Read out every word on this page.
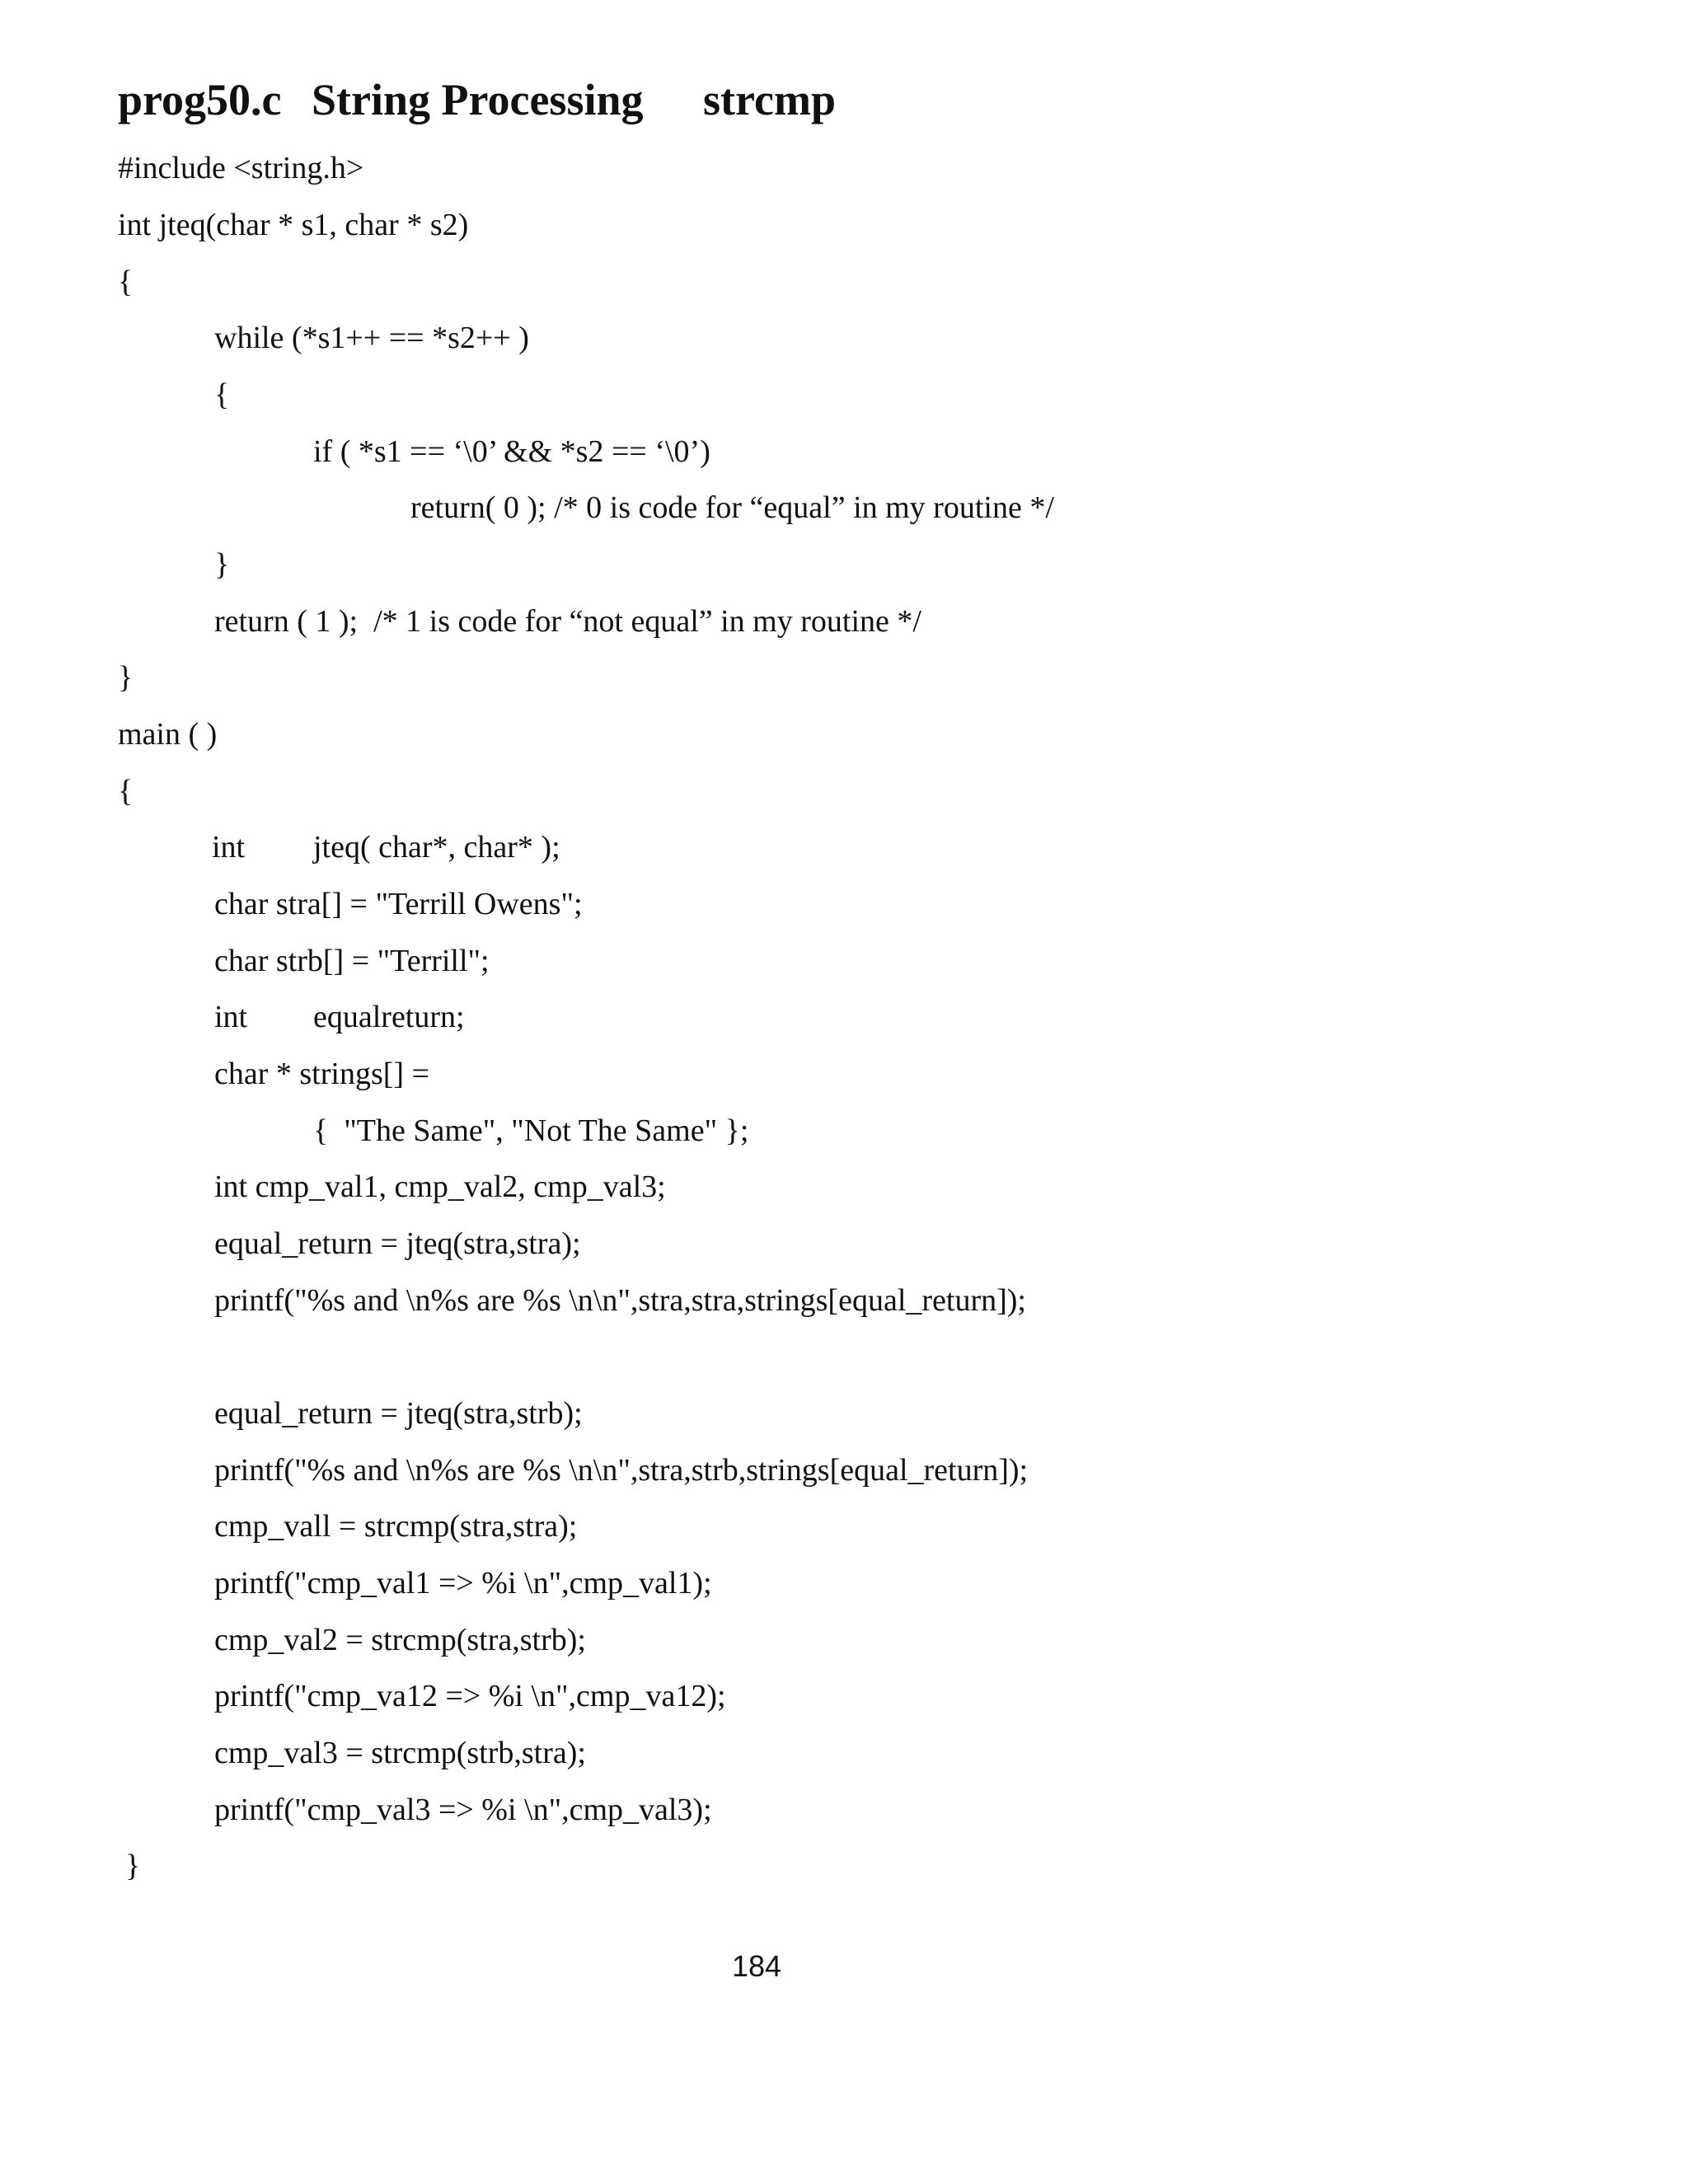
prog50.c String Processing strcmp
#include <string.h>
int jteq(char * s1, char * s2)
{
while (*s1++ == *s2++ )
{
if ( *s1 == ‘\0’ && *s2 == ‘\0’)
return( 0 ); /* 0 is code for “equal” in my routine */
}
return ( 1 );  /* 1 is code for “not equal” in my routine */
}
main ( )
{
int jteq( char*, char* );
char stra[] = "Terrill Owens";
char strb[] = "Terrill";
int equalreturn;
char * strings[] =
{  "The Same", "Not The Same" };
int cmp_val1, cmp_val2, cmp_val3;
equal_return = jteq(stra,stra);
printf("%s and \n%s are %s \n\n",stra,stra,strings[equal_return]);
equal_return = jteq(stra,strb);
printf("%s and \n%s are %s \n\n",stra,strb,strings[equal_return]);
cmp_vall = strcmp(stra,stra);
printf("cmp_val1 => %i \n",cmp_val1);
cmp_val2 = strcmp(stra,strb);
printf("cmp_va12 => %i \n",cmp_va12);
cmp_val3 = strcmp(strb,stra);
printf("cmp_val3 => %i \n",cmp_val3);
}
184
